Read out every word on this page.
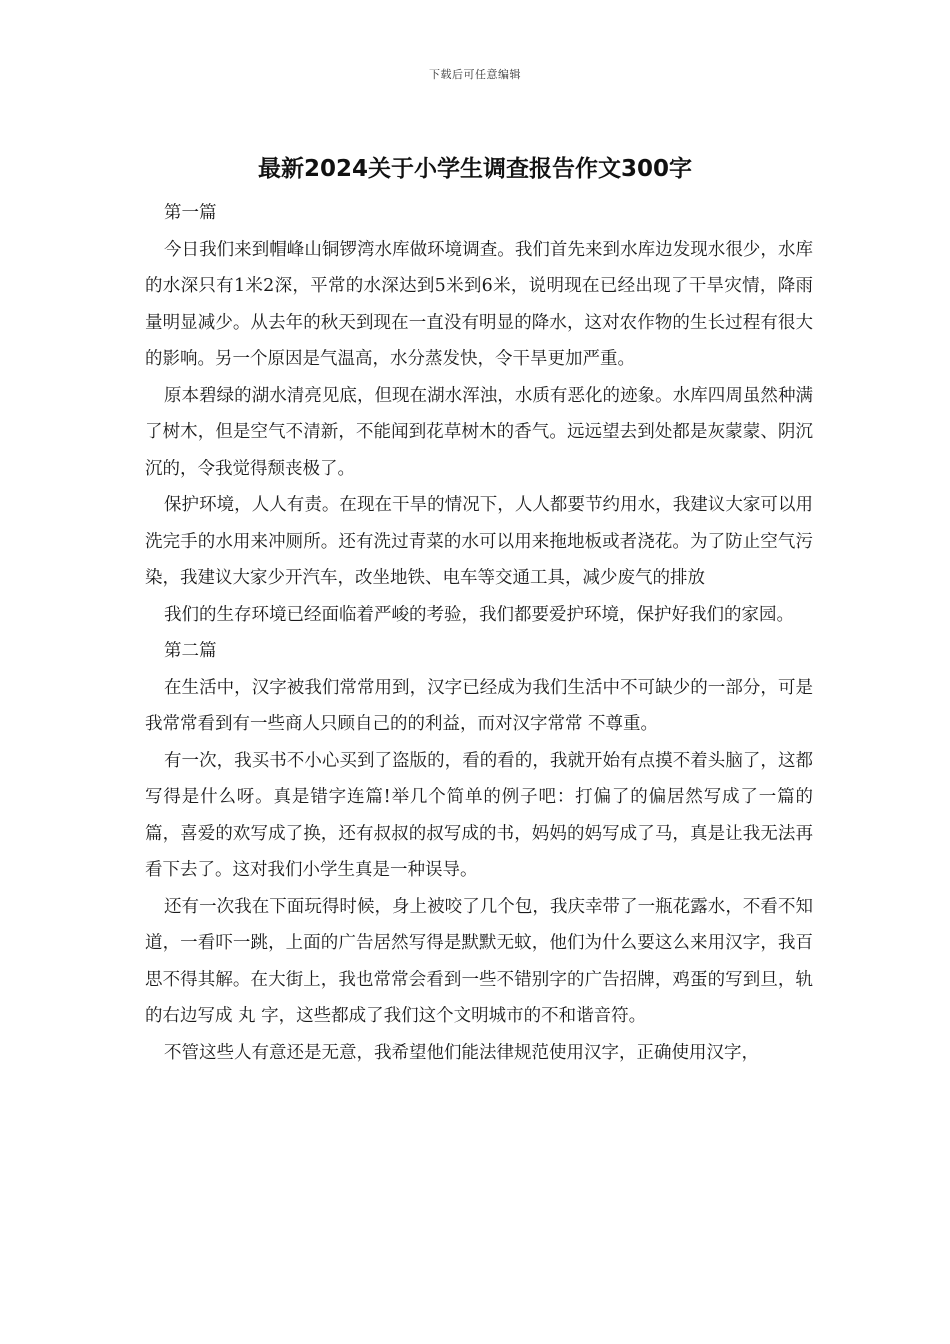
下载后可任意编辑
最新2024关于小学生调查报告作文300字

第一篇

今日我们来到帽峰山铜锣湾水库做环境调查。我们首先来到水库边发现水很少，水库的水深只有1米2深，平常的水深达到5米到6米，说明现在已经出现了干旱灾情，降雨量明显减少。从去年的秋天到现在一直没有明显的降水，这对农作物的生长过程有很大的影响。另一个原因是气温高，水分蒸发快，令干旱更加严重。

原本碧绿的湖水清亮见底，但现在湖水浑浊，水质有恶化的迹象。水库四周虽然种满了树木，但是空气不清新，不能闻到花草树木的香气。远远望去到处都是灰蒙蒙、阴沉沉的，令我觉得颓丧极了。

保护环境，人人有责。在现在干旱的情况下，人人都要节约用水，我建议大家可以用洗完手的水用来冲厕所。还有洗过青菜的水可以用来拖地板或者浇花。为了防止空气污染，我建议大家少开汽车，改坐地铁、电车等交通工具，减少废气的排放

我们的生存环境已经面临着严峻的考验，我们都要爱护环境，保护好我们的家园。

第二篇

在生活中，汉字被我们常常用到，汉字已经成为我们生活中不可缺少的一部分，可是我常常看到有一些商人只顾自己的的利益，而对汉字常常 不尊重。

有一次，我买书不小心买到了盗版的，看的看的，我就开始有点摸不着头脑了，这都写得是什么呀。真是错字连篇!举几个简单的例子吧：打偏了的偏居然写成了一篇的篇，喜爱的欢写成了换，还有叔叔的叔写成的书，妈妈的妈写成了马，真是让我无法再看下去了。这对我们小学生真是一种误导。

还有一次我在下面玩得时候，身上被咬了几个包，我庆幸带了一瓶花露水，不看不知道，一看吓一跳，上面的广告居然写得是默默无蚊，他们为什么要这么来用汉字，我百思不得其解。在大街上，我也常常会看到一些不错别字的广告招牌，鸡蛋的写到旦，轨的右边写成 丸 字，这些都成了我们这个文明城市的不和谐音符。

不管这些人有意还是无意，我希望他们能法律规范使用汉字，正确使用汉字，
